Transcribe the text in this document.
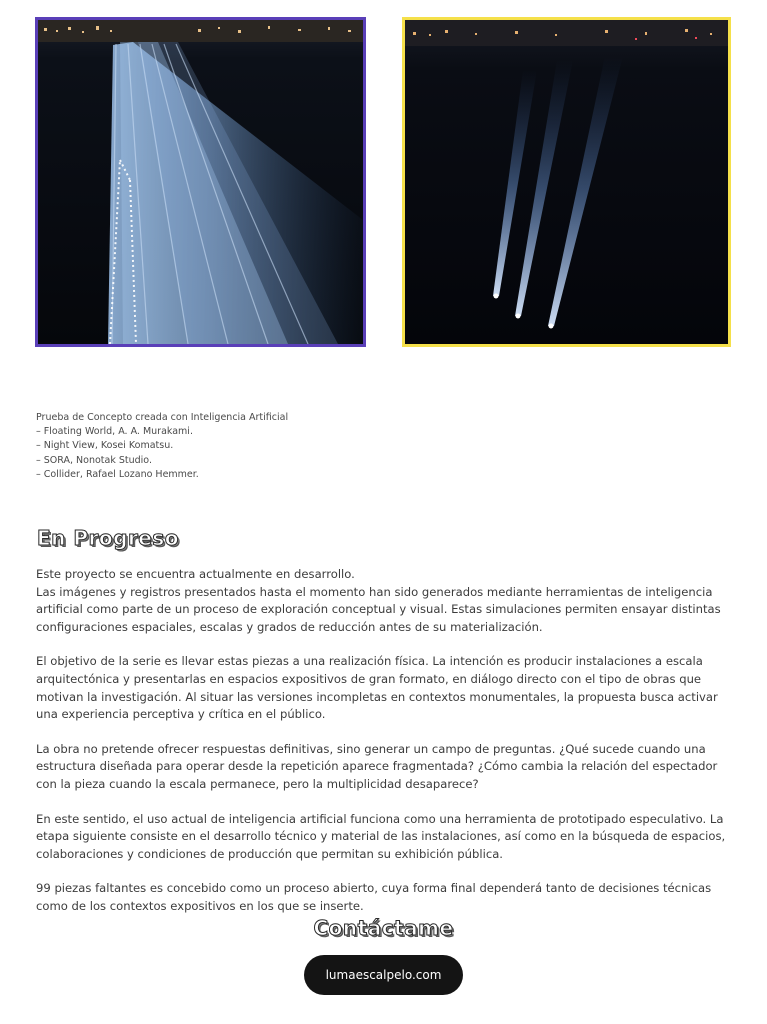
Prueba de Concepto creada con Inteligencia Artificial
– Floating World, A. A. Murakami.
– Night View, Kosei Komatsu.
– SORA, Nonotak Studio.
– Collider, Rafael Lozano Hemmer.
En Progreso

Este proyecto se encuentra actualmente en desarrollo.
Las imágenes y registros presentados hasta el momento han sido generados mediante herramientas de inteligencia artificial como parte de un proceso de exploración conceptual y visual. Estas simulaciones permiten ensayar distintas configuraciones espaciales, escalas y grados de reducción antes de su materialización.

El objetivo de la serie es llevar estas piezas a una realización física. La intención es producir instalaciones a escala arquitectónica y presentarlas en espacios expositivos de gran formato, en diálogo directo con el tipo de obras que motivan la investigación. Al situar las versiones incompletas en contextos monumentales, la propuesta busca activar una experiencia perceptiva y crítica en el público.

La obra no pretende ofrecer respuestas definitivas, sino generar un campo de preguntas. ¿Qué sucede cuando una estructura diseñada para operar desde la repetición aparece fragmentada? ¿Cómo cambia la relación del espectador con la pieza cuando la escala permanece, pero la multiplicidad desaparece?

En este sentido, el uso actual de inteligencia artificial funciona como una herramienta de prototipado especulativo. La etapa siguiente consiste en el desarrollo técnico y material de las instalaciones, así como en la búsqueda de espacios, colaboraciones y condiciones de producción que permitan su exhibición pública.

99 piezas faltantes es concebido como un proceso abierto, cuya forma final dependerá tanto de decisiones técnicas como de los contextos expositivos en los que se inserte.

Contáctame
lumaescalpelo.com
